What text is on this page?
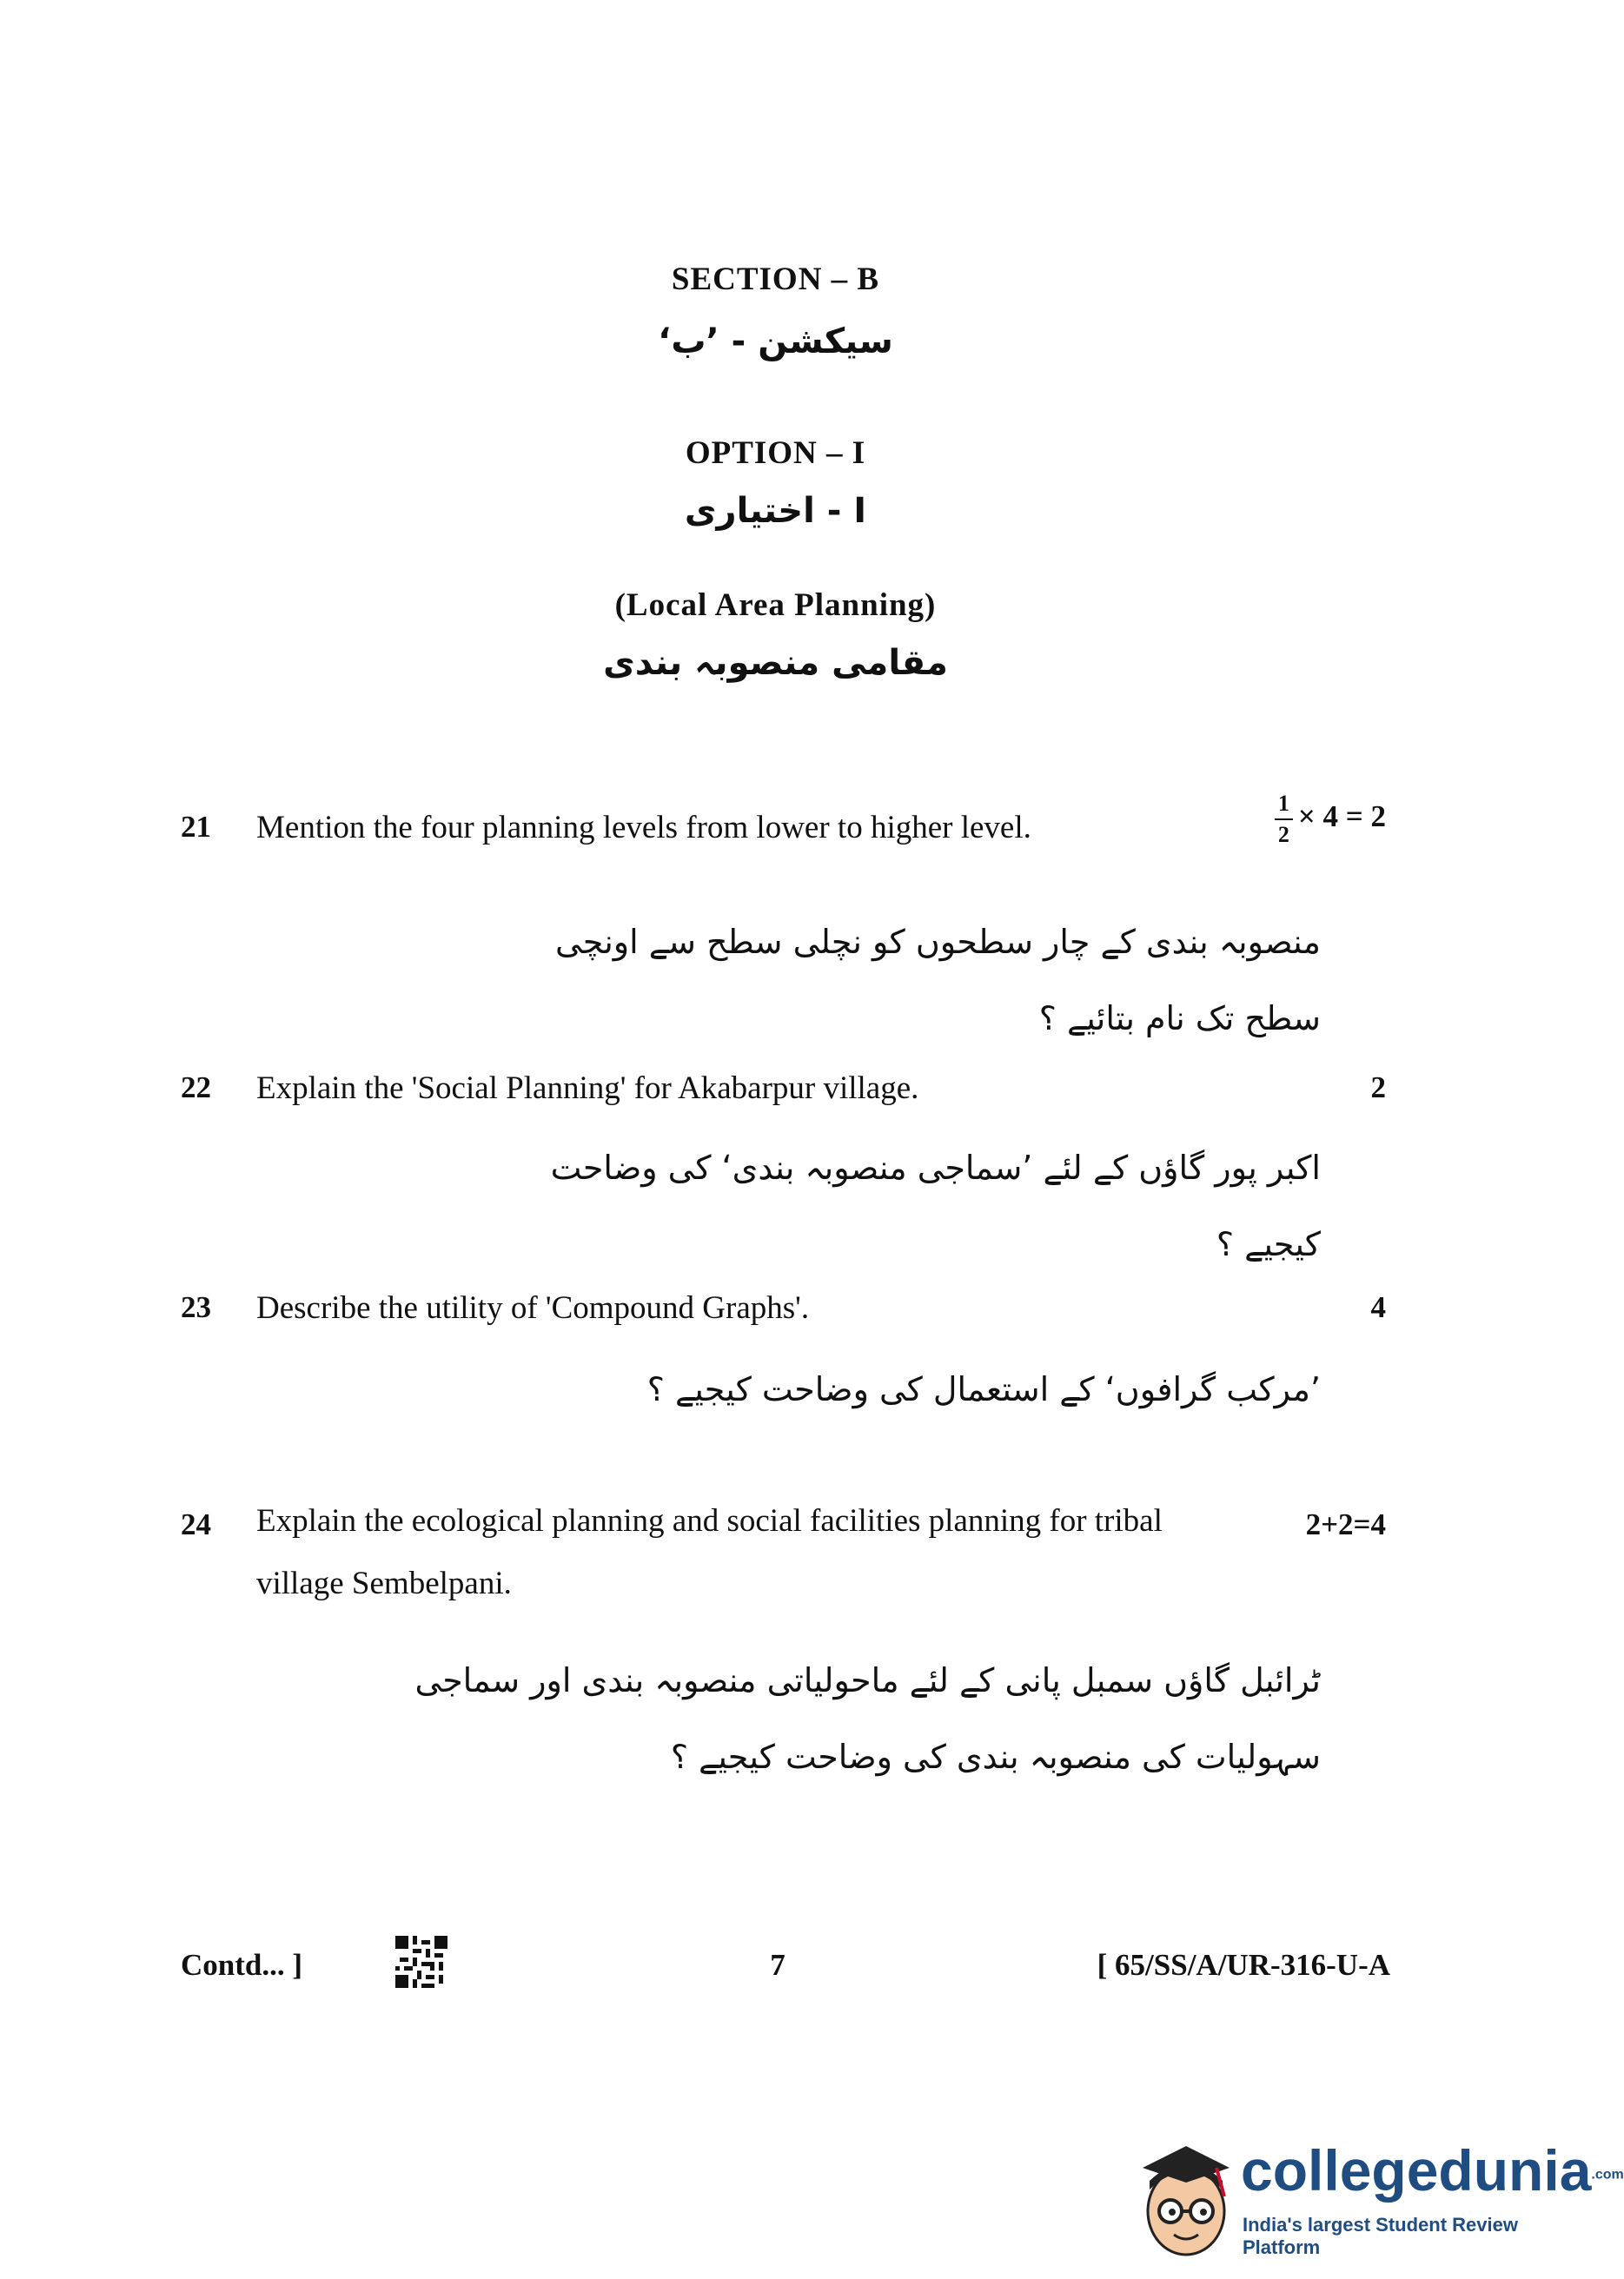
SECTION – B
سیکشن - ’ب‘
OPTION – I
I - اختیاری
(Local Area Planning)
مقامی منصوبہ بندی
21 Mention the four planning levels from lower to higher level.	$\frac{1}{2} \times 4 = 2$
منصوبہ بندی کے چار سطحوں کو نچلی سطح سے اونچی سطح تک نام بتائیے ؟
22 Explain the 'Social Planning' for Akabarpur village.	2
اکبر پور گاؤں کے لئے ’سماجی منصوبہ بندی‘ کی وضاحت کیجیے ؟
23 Describe the utility of 'Compound Graphs'.	4
’مرکب گرافوں‘ کے استعمال کی وضاحت کیجیے ؟
24 Explain the ecological planning and social facilities planning for tribal village Sembelpani.
2+2=4
ٹرائبل گاؤں سمبل پانی کے لئے ماحولیاتی منصوبہ بندی اور سماجی سہولیات کی منصوبہ بندی کی وضاحت کیجیے ؟
Contd... ]	7	[ 65/SS/A/UR-316-U-A
collegedunia.com
India's largest Student Review Platform
